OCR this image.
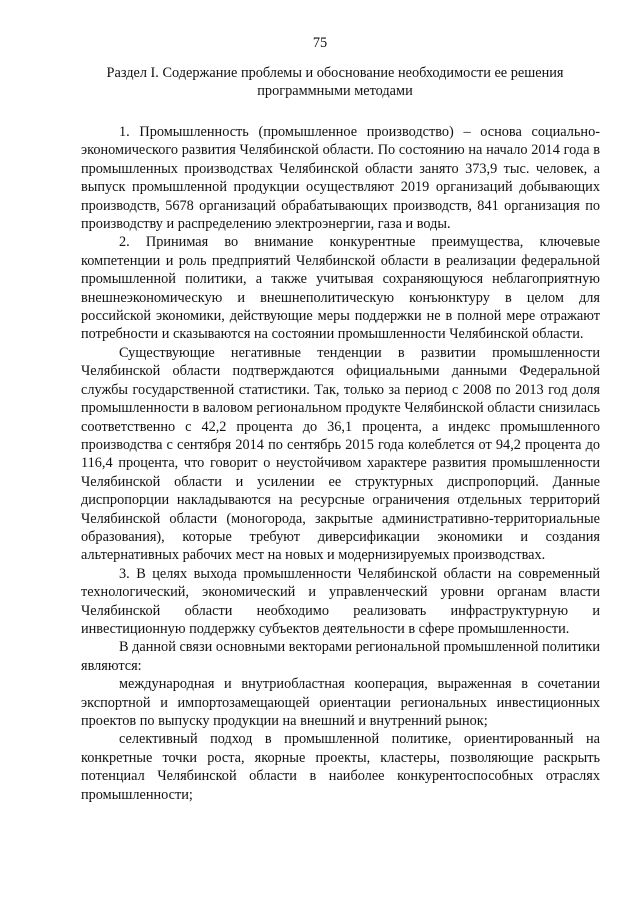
75
Раздел I. Содержание проблемы и обоснование необходимости ее решения программными методами

1. Промышленность (промышленное производство) – основа социально-экономического развития Челябинской области. По состоянию на начало 2014 года в промышленных производствах Челябинской области занято 373,9 тыс. человек, а выпуск промышленной продукции осуществляют 2019 организаций добывающих производств, 5678 организаций обрабатывающих производств, 841 организация по производству и распределению электроэнергии, газа и воды.

2. Принимая во внимание конкурентные преимущества, ключевые компетенции и роль предприятий Челябинской области в реализации федеральной промышленной политики, а также учитывая сохраняющуюся неблагоприятную внешнеэкономическую и внешнеполитическую конъюнктуру в целом для российской экономики, действующие меры поддержки не в полной мере отражают потребности и сказываются на состоянии промышленности Челябинской области.

Существующие негативные тенденции в развитии промышленности Челябинской области подтверждаются официальными данными Федеральной службы государственной статистики. Так, только за период с 2008 по 2013 год доля промышленности в валовом региональном продукте Челябинской области снизилась соответственно с 42,2 процента до 36,1 процента, а индекс промышленного производства с сентября 2014 по сентябрь 2015 года колеблется от 94,2 процента до 116,4 процента, что говорит о неустойчивом характере развития промышленности Челябинской области и усилении ее структурных диспропорций. Данные диспропорции накладываются на ресурсные ограничения отдельных территорий Челябинской области (моногорода, закрытые административно-территориальные образования), которые требуют диверсификации экономики и создания альтернативных рабочих мест на новых и модернизируемых производствах.

3. В целях выхода промышленности Челябинской области на современный технологический, экономический и управленческий уровни органам власти Челябинской области необходимо реализовать инфраструктурную и инвестиционную поддержку субъектов деятельности в сфере промышленности.

В данной связи основными векторами региональной промышленной политики являются:

международная и внутриобластная кооперация, выраженная в сочетании экспортной и импортозамещающей ориентации региональных инвестиционных проектов по выпуску продукции на внешний и внутренний рынок;

селективный подход в промышленной политике, ориентированный на конкретные точки роста, якорные проекты, кластеры, позволяющие раскрыть потенциал Челябинской области в наиболее конкурентоспособных отраслях промышленности;
